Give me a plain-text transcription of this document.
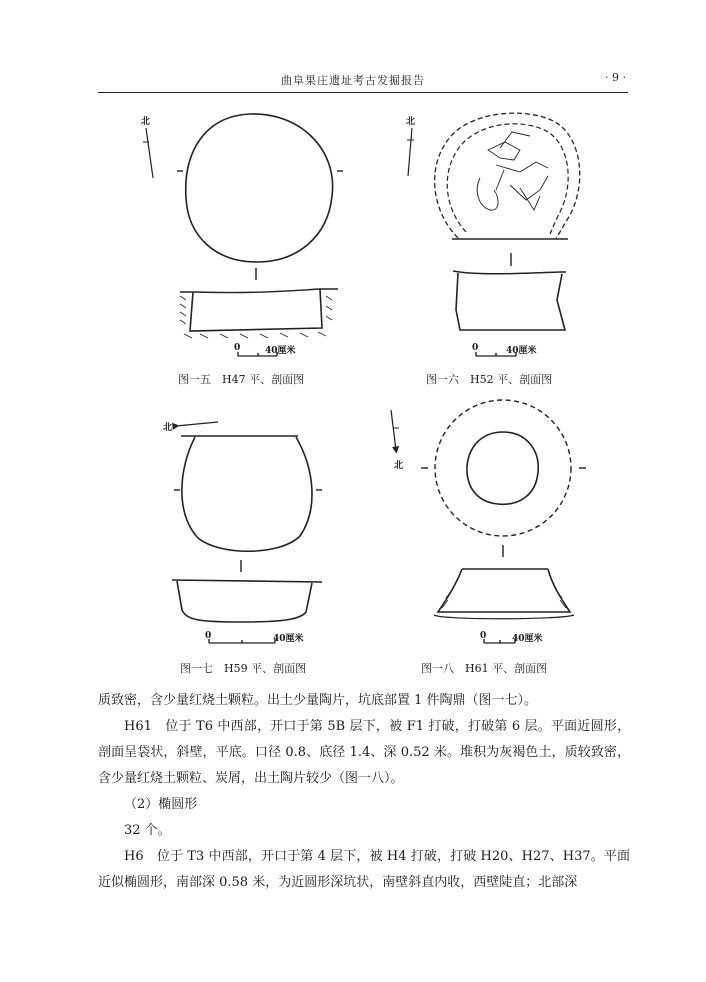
曲阜果庄遗址考古发掘报告	· 9 ·
北
0	40厘米
图一五　H47 平、剖面图
北
0	40厘米
图一六　H52 平、剖面图
北
0	40厘米
图一七　H59 平、剖面图
北
0	40厘米
图一八　H61 平、剖面图

质致密，含少量红烧土颗粒。出土少量陶片，坑底部置 1 件陶鼎（图一七）。

H61　位于 T6 中西部，开口于第 5B 层下，被 F1 打破，打破第 6 层。平面近圆形，剖面呈袋状，斜壁，平底。口径 0.8、底径 1.4、深 0.52 米。堆积为灰褐色土，质较致密，含少量红烧土颗粒、炭屑，出土陶片较少（图一八）。

（2）椭圆形

32 个。

H6　位于 T3 中西部，开口于第 4 层下，被 H4 打破，打破 H20、H27、H37。平面近似椭圆形，南部深 0.58 米，为近圆形深坑状，南壁斜直内收，西壁陡直；北部深
